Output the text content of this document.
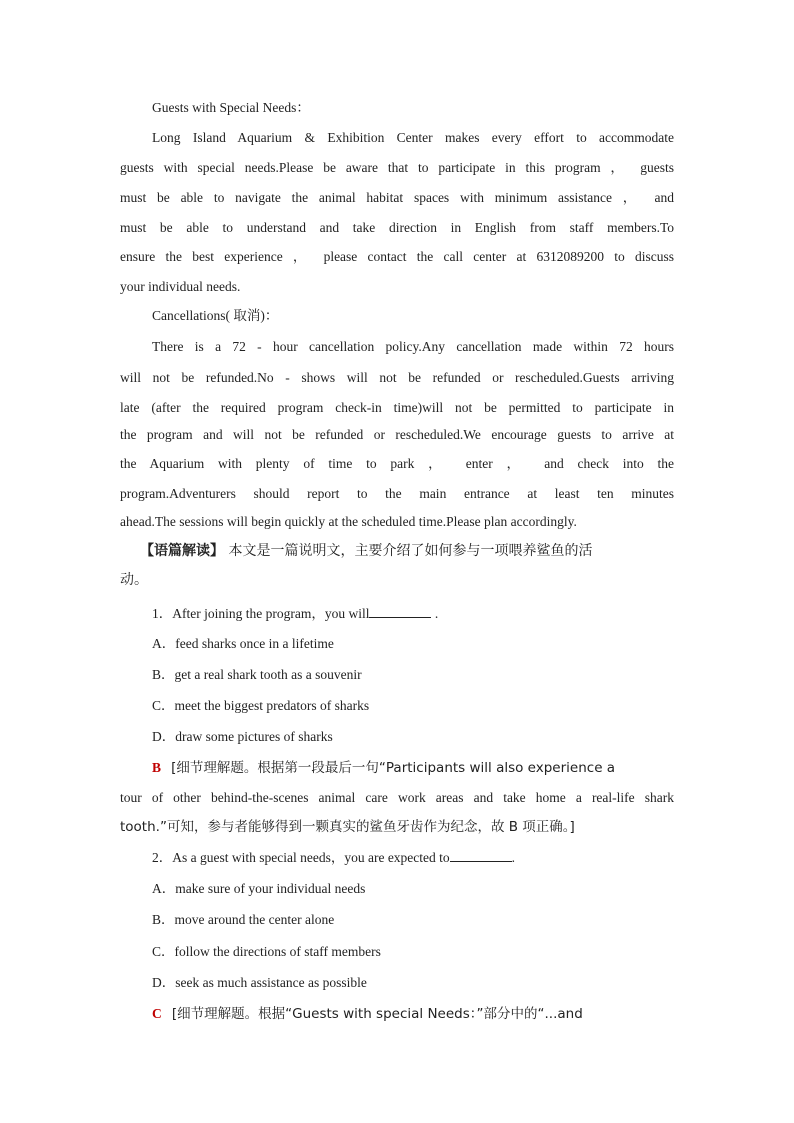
Guests with Special Needs：
Long Island Aquarium & Exhibition Center makes every effort to accommodate
guests with special needs.Please be aware that to participate in this program ， guests
must be able to navigate the animal habitat spaces with minimum assistance ， and
must be able to understand and take direction in English from staff members.To
ensure the best experience ， please contact the call center at 6312089200 to discuss
your individual needs.
Cancellations( 取消)：
There is a 72 - hour cancellation policy.Any cancellation made within 72 hours
will not be refunded.No - shows will not be refunded or rescheduled.Guests arriving
late (after the required program check-in time)will not be permitted to participate in
the program and will not be refunded or rescheduled.We encourage guests to arrive at
the Aquarium with plenty of time to park ， enter ， and check into the
program.Adventurers should report to the main entrance at least ten minutes
ahead.The sessions will begin quickly at the scheduled time.Please plan accordingly.
【语篇解读】 本文是一篇说明文，主要介绍了如何参与一项喂养鲨鱼的活
动。
1．After joining the program，you will	.
A．feed sharks once in a lifetime
B．get a real shark tooth as a souvenir
C．meet the biggest predators of sharks
D．draw some pictures of sharks
B [细节理解题。根据第一段最后一句“Participants will also experience a
tour of other behind-the-scenes animal care work areas and take home a real-life shark
tooth.”可知，参与者能够得到一颗真实的鲨鱼牙齿作为纪念，故 B 项正确。]
2．As a guest with special needs，you are expected to	.
A．make sure of your individual needs
B．move around the center alone
C．follow the directions of staff members
D．seek as much assistance as possible
C [细节理解题。根据“Guests with special Needs：”部分中的“...and
